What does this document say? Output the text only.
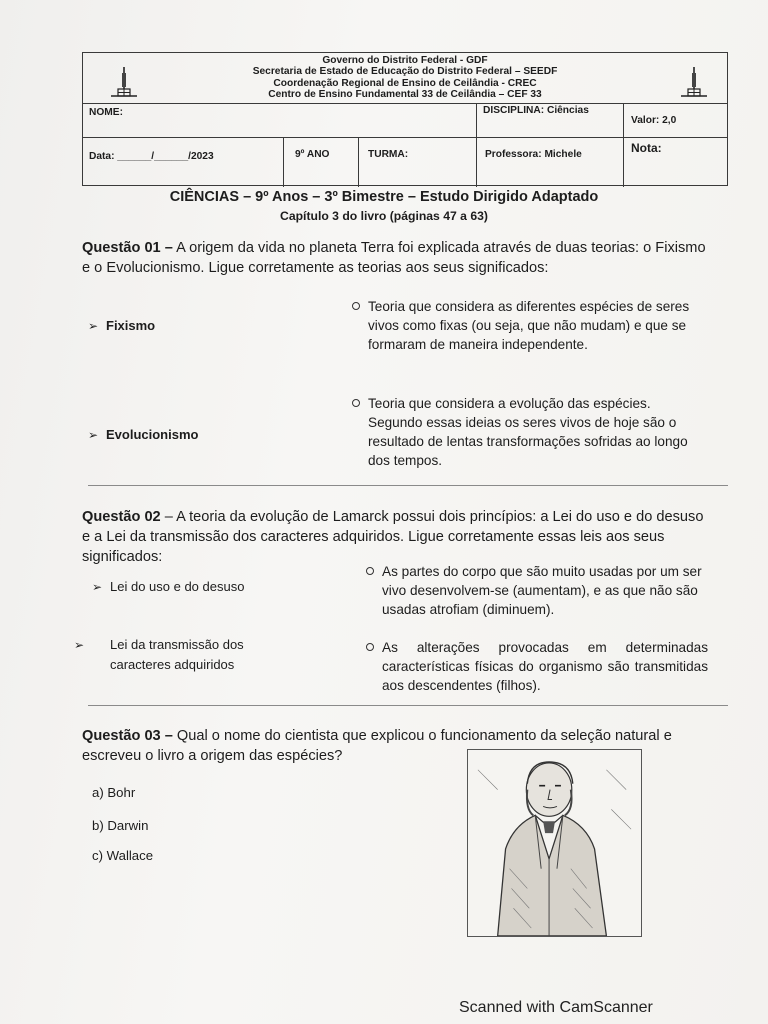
Governo do Distrito Federal - GDF
Secretaria de Estado de Educação do Distrito Federal – SEEDF
Coordenação Regional de Ensino de Ceilândia - CREC
Centro de Ensino Fundamental 33 de Ceilândia – CEF 33
NOME:	DISCIPLINA: Ciências
Valor: 2,0
Data: ______/______/2023	9º ANO	TURMA:	Professora: Michele	Nota:
CIÊNCIAS – 9º Anos – 3º Bimestre – Estudo Dirigido Adaptado
Capítulo 3 do livro (páginas 47 a 63)
Questão 01 – A origem da vida no planeta Terra foi explicada através de duas teorias: o Fixismo e o Evolucionismo. Ligue corretamente as teorias aos seus significados:
➢ Fixismo
Teoria que considera as diferentes espécies de seres vivos como fixas (ou seja, que não mudam) e que se formaram de maneira independente.
➢ Evolucionismo
Teoria que considera a evolução das espécies. Segundo essas ideias os seres vivos de hoje são o resultado de lentas transformações sofridas ao longo dos tempos.
Questão 02 – A teoria da evolução de Lamarck possui dois princípios: a Lei do uso e do desuso e a Lei da transmissão dos caracteres adquiridos. Ligue corretamente essas leis aos seus significados:
➢ Lei do uso e do desuso
As partes do corpo que são muito usadas por um ser vivo desenvolvem-se (aumentam), e as que não são usadas atrofiam (diminuem).
➢ Lei da transmissão dos caracteres adquiridos
As alterações provocadas em determinadas características físicas do organismo são transmitidas aos descendentes (filhos).
Questão 03 – Qual o nome do cientista que explicou o funcionamento da seleção natural e escreveu o livro a origem das espécies?
a) Bohr
b) Darwin
c) Wallace
Scanned with CamScanner
